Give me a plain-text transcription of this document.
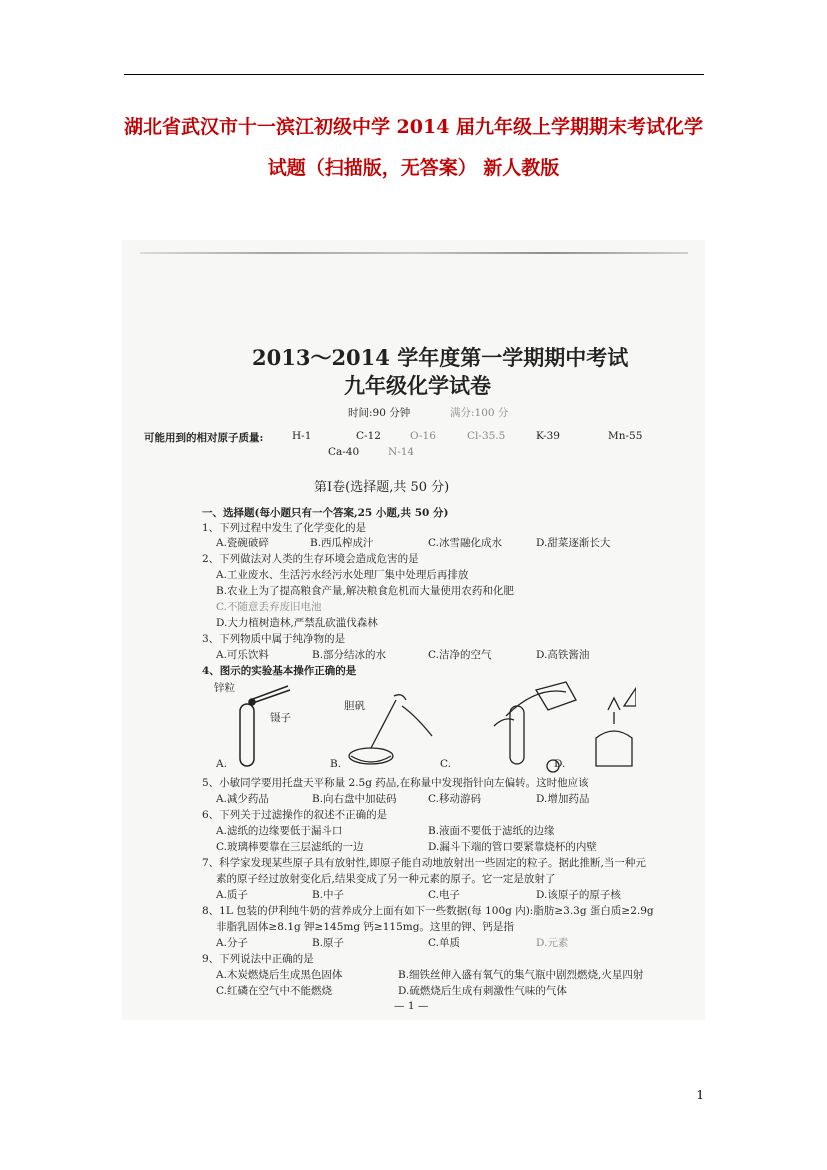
湖北省武汉市十一滨江初级中学 2014 届九年级上学期期末考试化学
试题（扫描版，无答案） 新人教版
2013～2014 学年度第一学期期中考试
九年级化学试卷
时间:90 分钟	满分:100 分
可能用到的相对原子质量:	H-1	C-12	O-16	Cl-35.5	K-39	Mn-55
Ca-40	N-14
第Ⅰ卷(选择题,共 50 分)
一、选择题(每小题只有一个答案,25 小题,共 50 分)
1、下列过程中发生了化学变化的是
A.瓷碗破碎	B.西瓜榨成汁	C.冰雪融化成水	D.甜菜逐渐长大
2、下列做法对人类的生存环境会造成危害的是
A.工业废水、生活污水经污水处理厂集中处理后再排放
B.农业上为了提高粮食产量,解决粮食危机而大量使用农药和化肥
C.不随意丢弃废旧电池
D.大力植树造林,严禁乱砍滥伐森林
3、下列物质中属于纯净物的是
A.可乐饮料	B.部分结冰的水	C.洁净的空气	D.高铁酱油
4、图示的实验基本操作正确的是
锌粒
镊子
胆矾
A.	B.	C.	D.
5、小敏同学要用托盘天平称量 2.5g 药品,在称量中发现指针向左偏转。这时他应该
A.减少药品	B.向右盘中加砝码	C.移动游码	D.增加药品
6、下列关于过滤操作的叙述不正确的是
A.滤纸的边缘要低于漏斗口	B.液面不要低于滤纸的边缘
C.玻璃棒要靠在三层滤纸的一边	D.漏斗下端的管口要紧靠烧杯的内壁
7、科学家发现某些原子具有放射性,即原子能自动地放射出一些固定的粒子。据此推断,当一种元
素的原子经过放射变化后,结果变成了另一种元素的原子。它一定是放射了
A.质子	B.中子	C.电子	D.该原子的原子核
8、1L 包装的伊利纯牛奶的营养成分上面有如下一些数据(每 100g 内):脂肪≥3.3g 蛋白质≥2.9g
非脂乳固体≥8.1g 钾≥145mg 钙≥115mg。这里的钾、钙是指
A.分子	B.原子	C.单质	D.元素
9、下列说法中正确的是
A.木炭燃烧后生成黑色固体	B.细铁丝伸入盛有氧气的集气瓶中剧烈燃烧,火星四射
C.红磷在空气中不能燃烧	D.硫燃烧后生成有刺激性气味的气体
— 1 —
1
